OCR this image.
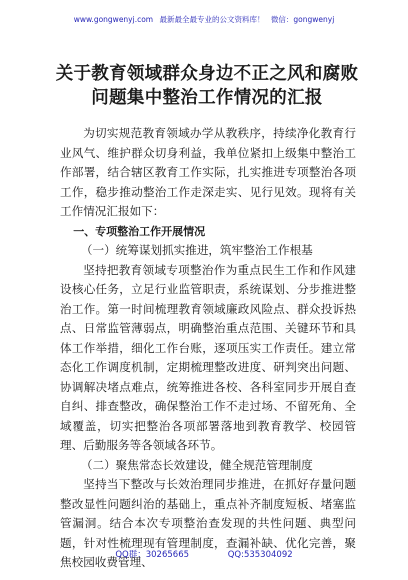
www.gongwenyj.com 最新最全最专业的公文资料库！ 微信：gongwenyj
关于教育领域群众身边不正之风和腐败问题集中整治工作情况的汇报

为切实规范教育领域办学从教秩序，持续净化教育行业风气、维护群众切身利益，我单位紧扣上级集中整治工作部署，结合辖区教育工作实际，扎实推进专项整治各项工作，稳步推动整治工作走深走实、见行见效。现将有关工作情况汇报如下：

一、专项整治工作开展情况

（一）统筹谋划抓实推进，筑牢整治工作根基

坚持把教育领域专项整治作为重点民生工作和作风建设核心任务，立足行业监管职责，系统谋划、分步推进整治工作。第一时间梳理教育领域廉政风险点、群众投诉热点、日常监管薄弱点，明确整治重点范围、关键环节和具体工作举措，细化工作台账，逐项压实工作责任。建立常态化工作调度机制，定期梳理整改进度、研判突出问题、协调解决堵点难点，统筹推进各校、各科室同步开展自查自纠、排查整改，确保整治工作不走过场、不留死角、全域覆盖，切实把整治各项部署落地到教育教学、校园管理、后勤服务等各领域各环节。

（二）聚焦常态长效建设，健全规范管理制度

坚持当下整改与长效治理同步推进，在抓好存量问题整改显性问题纠治的基础上，重点补齐制度短板、堵塞监管漏洞。结合本次专项整治查发现的共性问题、典型问题，针对性梳理现有管理制度，查漏补缺、优化完善，聚焦校园收费管理、

QQ群：30265665	QQ:535304092
